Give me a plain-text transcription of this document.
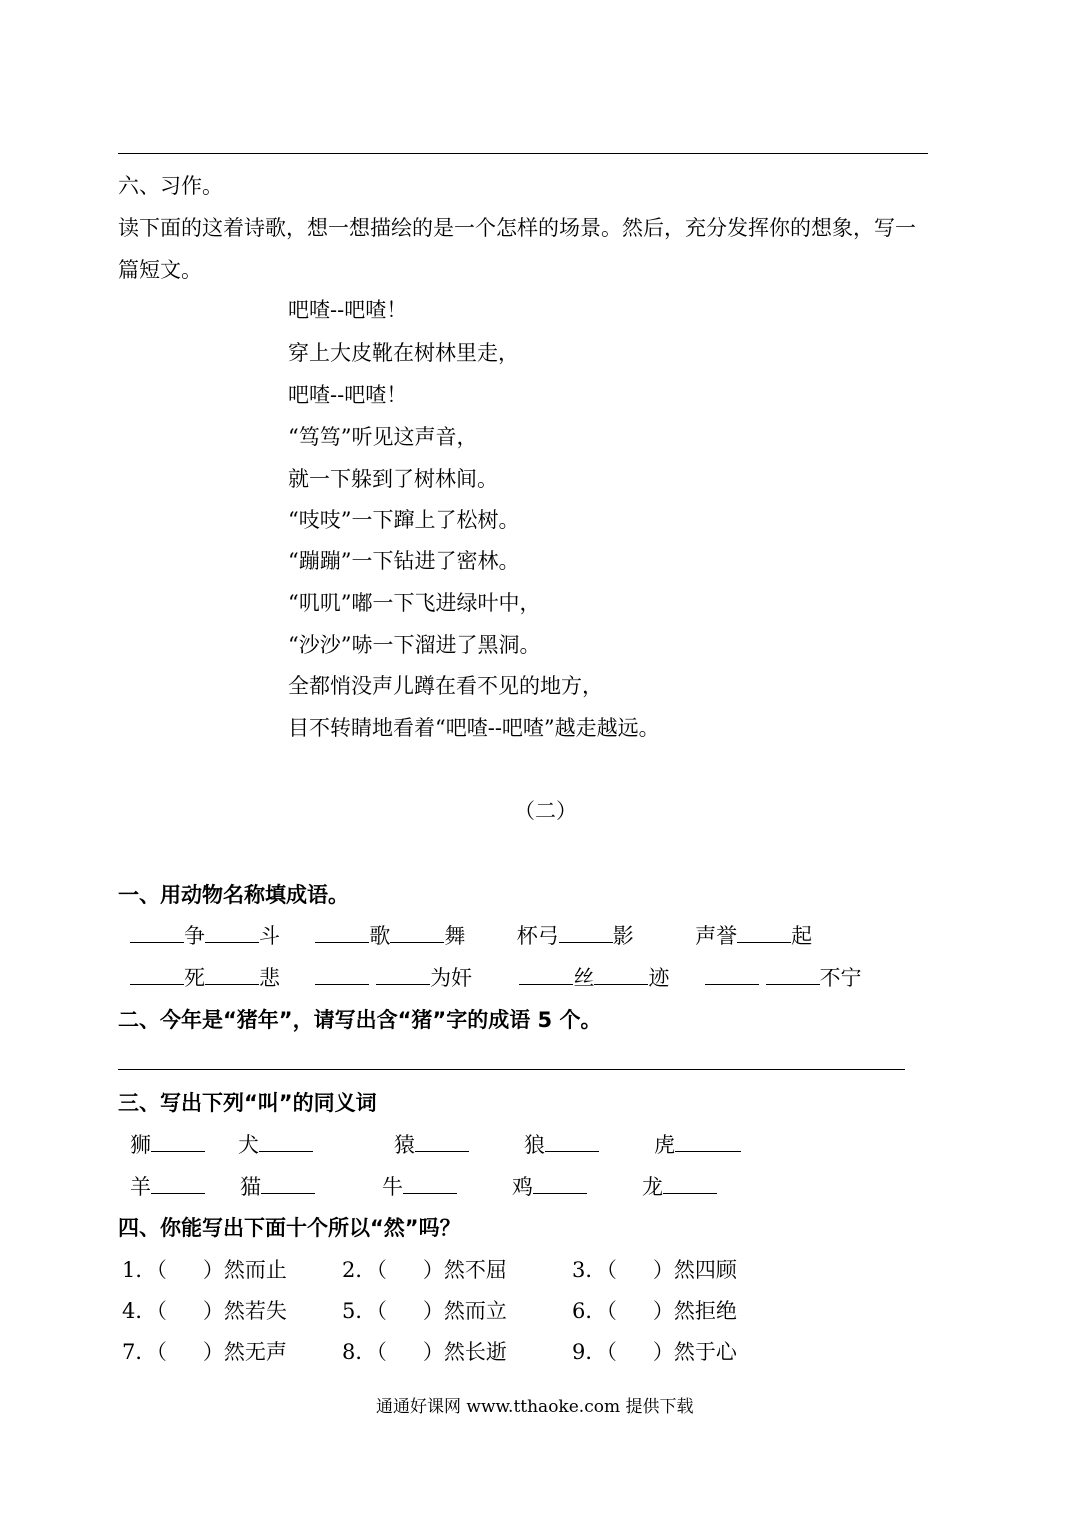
六、习作。
读下面的这着诗歌，想一想描绘的是一个怎样的场景。然后，充分发挥你的想象，写一
篇短文。
吧喳--吧喳！
穿上大皮靴在树林里走，
吧喳--吧喳！
“笃笃”听见这声音，
就一下躲到了树林间。
“吱吱”一下蹿上了松树。
“蹦蹦”一下钻进了密林。
“叽叽”嘟一下飞进绿叶中，
“沙沙”哧一下溜进了黑洞。
全都悄没声儿蹲在看不见的地方，
目不转睛地看着“吧喳--吧喳”越走越远。
（二）
一、用动物名称填成语。
争	斗	歌	舞 杯弓	影	声誉	起
死	悲	为奸	丝	迹	不宁
二、今年是“猪年”，请写出含“猪”字的成语 5 个。
三、写出下列“叫”的同义词
狮	犬	猿	狼	虎
羊	猫	牛	鸡	龙
四、你能写出下面十个所以“然”吗？
1．（ ）然而止	2．（ ）然不屈	3．（ ）然四顾
4．（ ）然若失	5．（ ）然而立	6．（ ）然拒绝
7．（ ）然无声	8．（ ）然长逝	9．（ ）然于心
通通好课网 www.tthaoke.com 提供下载
